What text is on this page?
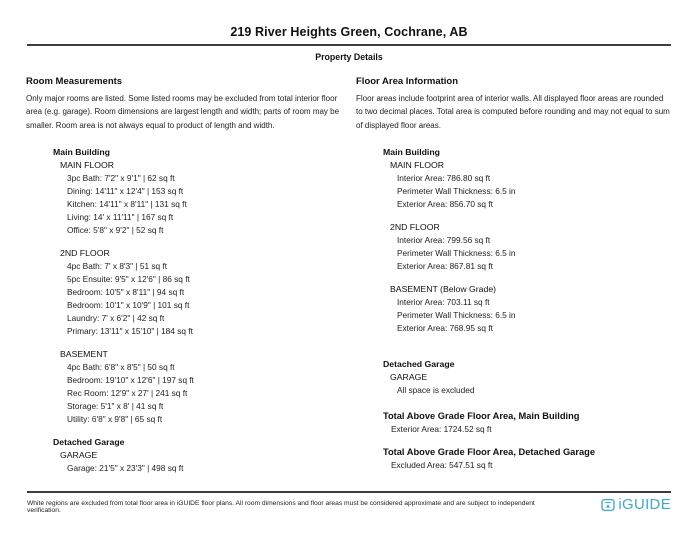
219 River Heights Green, Cochrane, AB
Property Details
Room Measurements

Only major rooms are listed. Some listed rooms may be excluded from total interior floor area (e.g. garage). Room dimensions are largest length and width; parts of room may be smaller. Room area is not always equal to product of length and width.

Main Building
MAIN FLOOR
3pc Bath: 7'2" x 9'1" | 62 sq ft
Dining: 14'11" x 12'4" | 153 sq ft
Kitchen: 14'11" x 8'11" | 131 sq ft
Living: 14' x 11'11" | 167 sq ft
Office: 5'8" x 9'2" | 52 sq ft
2ND FLOOR
4pc Bath: 7' x 8'3" | 51 sq ft
5pc Ensuite: 9'5" x 12'6" | 86 sq ft
Bedroom: 10'5" x 8'11" | 94 sq ft
Bedroom: 10'1" x 10'9" | 101 sq ft
Laundry: 7' x 6'2" | 42 sq ft
Primary: 13'11" x 15'10" | 184 sq ft
BASEMENT
4pc Bath: 6'8" x 8'5" | 50 sq ft
Bedroom: 19'10" x 12'6" | 197 sq ft
Rec Room: 12'9" x 27' | 241 sq ft
Storage: 5'1" x 8' | 41 sq ft
Utility: 6'8" x 9'8" | 65 sq ft
Detached Garage
GARAGE
Garage: 21'5" x 23'3" | 498 sq ft
Floor Area Information

Floor areas include footprint area of interior walls. All displayed floor areas are rounded to two decimal places. Total area is computed before rounding and may not equal to sum of displayed floor areas.

Main Building
MAIN FLOOR
Interior Area: 786.80 sq ft
Perimeter Wall Thickness: 6.5 in
Exterior Area: 856.70 sq ft
2ND FLOOR
Interior Area: 799.56 sq ft
Perimeter Wall Thickness: 6.5 in
Exterior Area: 867.81 sq ft
BASEMENT (Below Grade)
Interior Area: 703.11 sq ft
Perimeter Wall Thickness: 6.5 in
Exterior Area: 768.95 sq ft
Detached Garage
GARAGE
All space is excluded
Total Above Grade Floor Area, Main Building
Exterior Area: 1724.52 sq ft
Total Above Grade Floor Area, Detached Garage
Excluded Area: 547.51 sq ft
White regions are excluded from total floor area in iGUIDE floor plans. All room dimensions and floor areas must be considered approximate and are subject to independent verification.	iGUIDE
